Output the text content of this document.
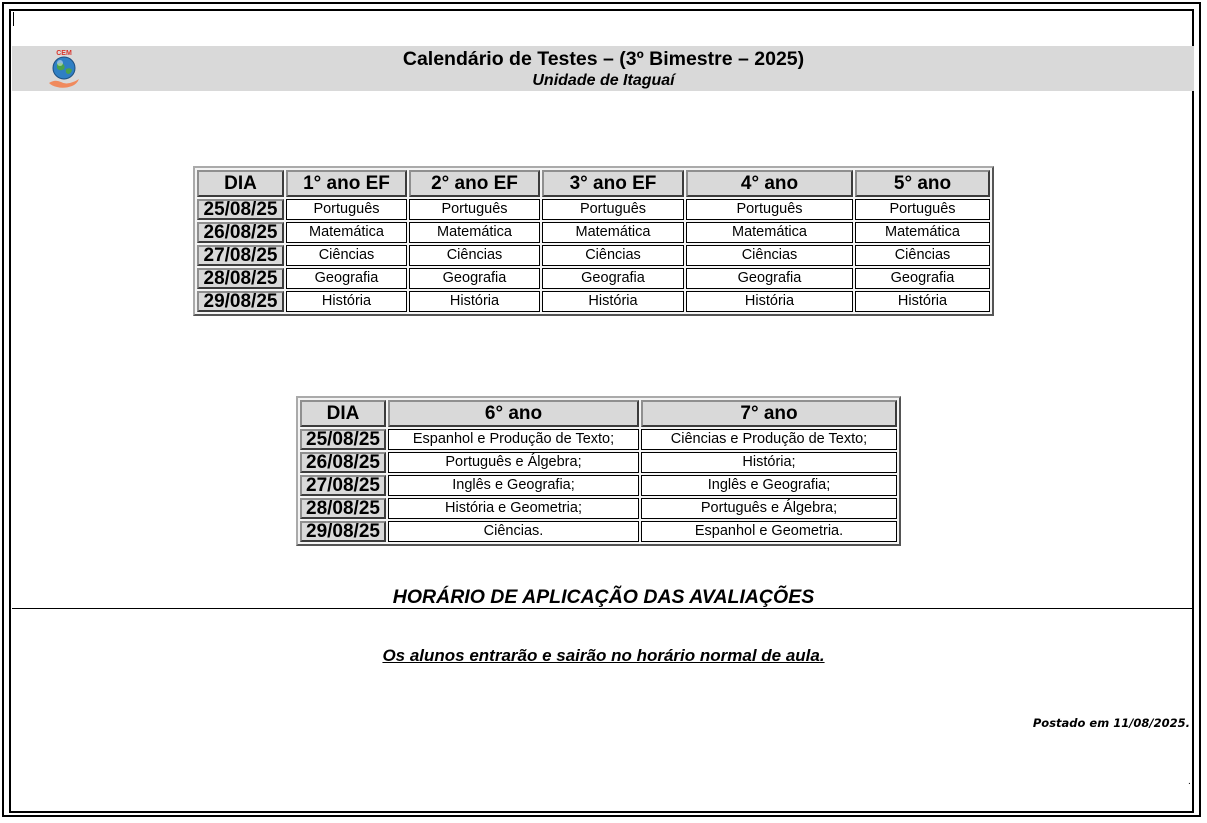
CEM	Calendário de Testes – (3º Bimestre – 2025)
Unidade de Itaguaí
DIA	1° ano EF	2° ano EF	3° ano EF	4° ano	5° ano
25/08/25	Português	Português	Português	Português	Português
26/08/25	Matemática	Matemática	Matemática	Matemática	Matemática
27/08/25	Ciências	Ciências	Ciências	Ciências	Ciências
28/08/25	Geografia	Geografia	Geografia	Geografia	Geografia
29/08/25	História	História	História	História	História
DIA	6° ano	7° ano
25/08/25	Espanhol e Produção de Texto;	Ciências e Produção de Texto;
26/08/25	Português e Álgebra;	História;
27/08/25	Inglês e Geografia;	Inglês e Geografia;
28/08/25	História e Geometria;	Português e Álgebra;
29/08/25	Ciências.	Espanhol e Geometria.
HORÁRIO DE APLICAÇÃO DAS AVALIAÇÕES
Os alunos entrarão e sairão no horário normal de aula.
Postado em 11/08/2025.
.
